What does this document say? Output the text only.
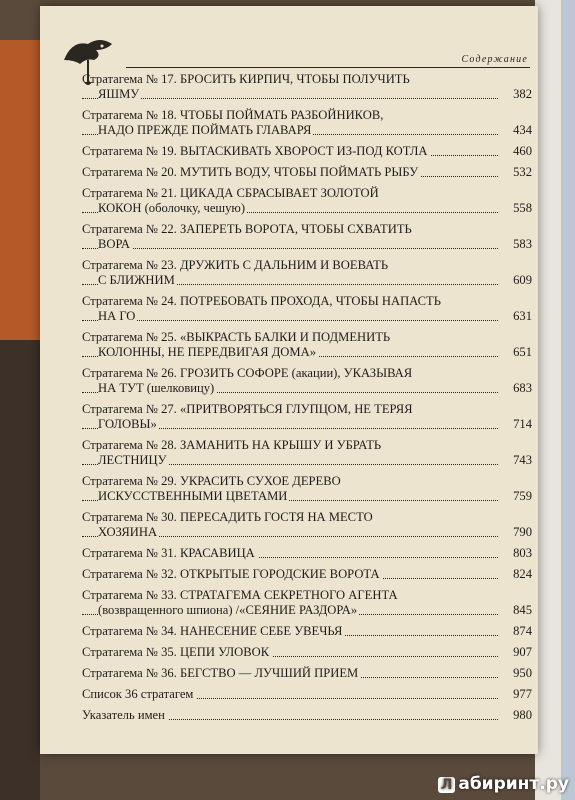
Содержание
Стратагема № 17. БРОСИТЬ КИРПИЧ, ЧТОБЫ ПОЛУЧИТЬ
ЯШМУ	382
Стратагема № 18. ЧТОБЫ ПОЙМАТЬ РАЗБОЙНИКОВ,
НАДО ПРЕЖДЕ ПОЙМАТЬ ГЛАВАРЯ	434
Стратагема № 19. ВЫТАСКИВАТЬ ХВОРОСТ ИЗ-ПОД КОТЛА	460
Стратагема № 20. МУТИТЬ ВОДУ, ЧТОБЫ ПОЙМАТЬ РЫБУ	532
Стратагема № 21. ЦИКАДА СБРАСЫВАЕТ ЗОЛОТОЙ
КОКОН (оболочку, чешую)	558
Стратагема № 22. ЗАПЕРЕТЬ ВОРОТА, ЧТОБЫ СХВАТИТЬ
ВОРА	583
Стратагема № 23. ДРУЖИТЬ С ДАЛЬНИМ И ВОЕВАТЬ
С БЛИЖНИМ	609
Стратагема № 24. ПОТРЕБОВАТЬ ПРОХОДА, ЧТОБЫ НАПАСТЬ
НА ГО	631
Стратагема № 25. «ВЫКРАСТЬ БАЛКИ И ПОДМЕНИТЬ
КОЛОННЫ, НЕ ПЕРЕДВИГАЯ ДОМА»	651
Стратагема № 26. ГРОЗИТЬ СОФОРЕ (акации), УКАЗЫВАЯ
НА ТУТ (шелковицу)	683
Стратагема № 27. «ПРИТВОРЯТЬСЯ ГЛУПЦОМ, НЕ ТЕРЯЯ
ГОЛОВЫ»	714
Стратагема № 28. ЗАМАНИТЬ НА КРЫШУ И УБРАТЬ
ЛЕСТНИЦУ	743
Стратагема № 29. УКРАСИТЬ СУХОЕ ДЕРЕВО
ИСКУССТВЕННЫМИ ЦВЕТАМИ	759
Стратагема № 30. ПЕРЕСАДИТЬ ГОСТЯ НА МЕСТО
ХОЗЯИНА	790
Стратагема № 31. КРАСАВИЦА	803
Стратагема № 32. ОТКРЫТЫЕ ГОРОДСКИЕ ВОРОТА	824
Стратагема № 33. СТРАТАГЕМА СЕКРЕТНОГО АГЕНТА
(возвращенного шпиона) /«СЕЯНИЕ РАЗДОРА»	845
Стратагема № 34. НАНЕСЕНИЕ СЕБЕ УВЕЧЬЯ	874
Стратагема № 35. ЦЕПИ УЛОВОК	907
Стратагема № 36. БЕГСТВО — ЛУЧШИЙ ПРИЕМ	950
Список 36 стратагем	977
Указатель имен	980
Л абиринт.ру
